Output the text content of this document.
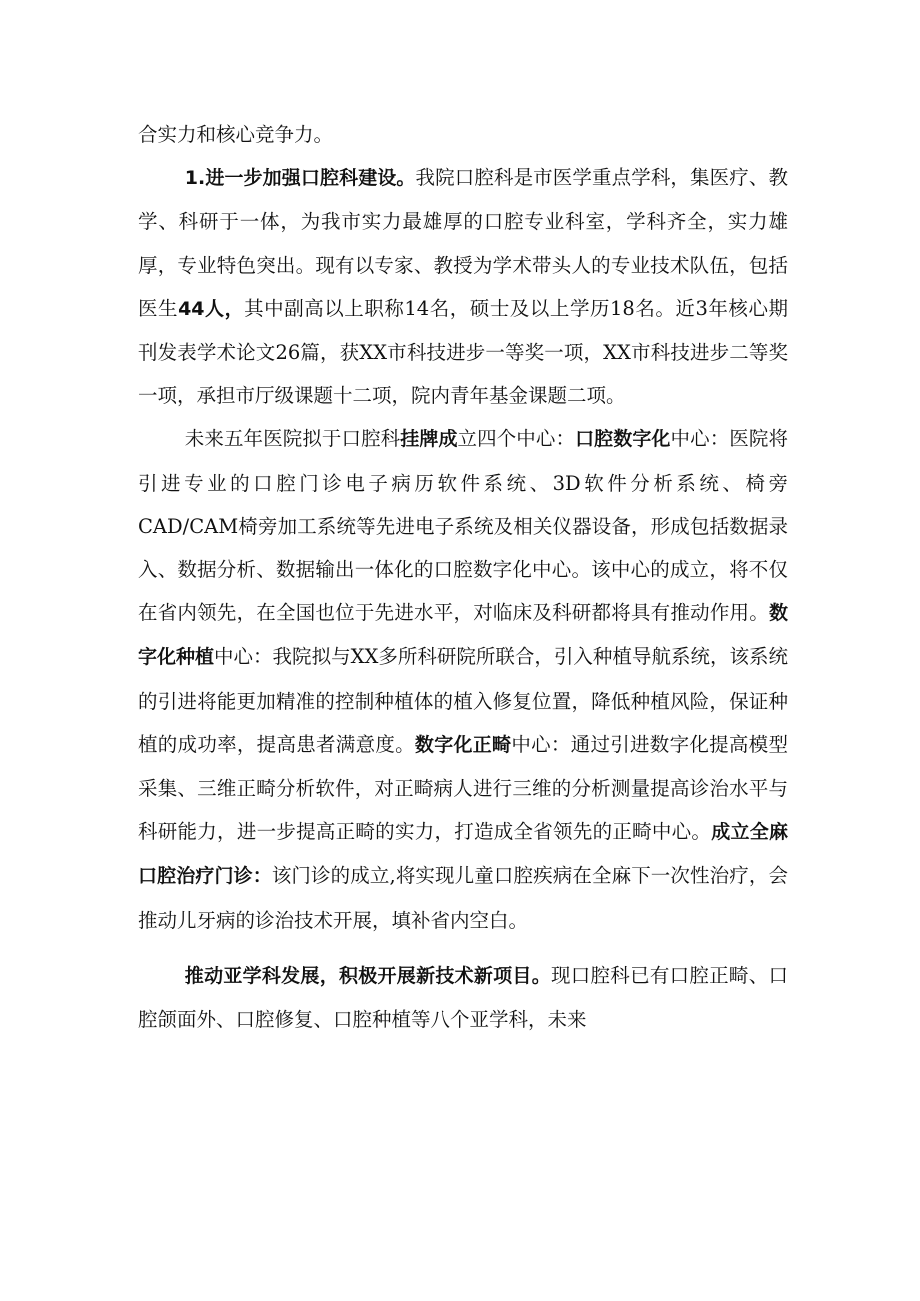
合实力和核心竞争力。

1.进一步加强口腔科建设。我院口腔科是市医学重点学科，集医疗、教学、科研于一体，为我市实力最雄厚的口腔专业科室，学科齐全，实力雄厚，专业特色突出。现有以专家、教授为学术带头人的专业技术队伍，包括医生44人，其中副高以上职称14名，硕士及以上学历18名。近3年核心期刊发表学术论文26篇，获XX市科技进步一等奖一项，XX市科技进步二等奖一项，承担市厅级课题十二项，院内青年基金课题二项。

未来五年医院拟于口腔科挂牌成立四个中心：口腔数字化中心：医院将引进专业的口腔门诊电子病历软件系统、3D软件分析系统、椅旁CAD/CAM椅旁加工系统等先进电子系统及相关仪器设备，形成包括数据录入、数据分析、数据输出一体化的口腔数字化中心。该中心的成立，将不仅在省内领先，在全国也位于先进水平，对临床及科研都将具有推动作用。数字化种植中心：我院拟与XX多所科研院所联合，引入种植导航系统，该系统的引进将能更加精准的控制种植体的植入修复位置，降低种植风险，保证种植的成功率，提高患者满意度。数字化正畸中心：通过引进数字化提高模型采集、三维正畸分析软件，对正畸病人进行三维的分析测量提高诊治水平与科研能力，进一步提高正畸的实力，打造成全省领先的正畸中心。成立全麻口腔治疗门诊：该门诊的成立,将实现儿童口腔疾病在全麻下一次性治疗，会推动儿牙病的诊治技术开展，填补省内空白。

推动亚学科发展，积极开展新技术新项目。现口腔科已有口腔正畸、口腔颌面外、口腔修复、口腔种植等八个亚学科，未来
